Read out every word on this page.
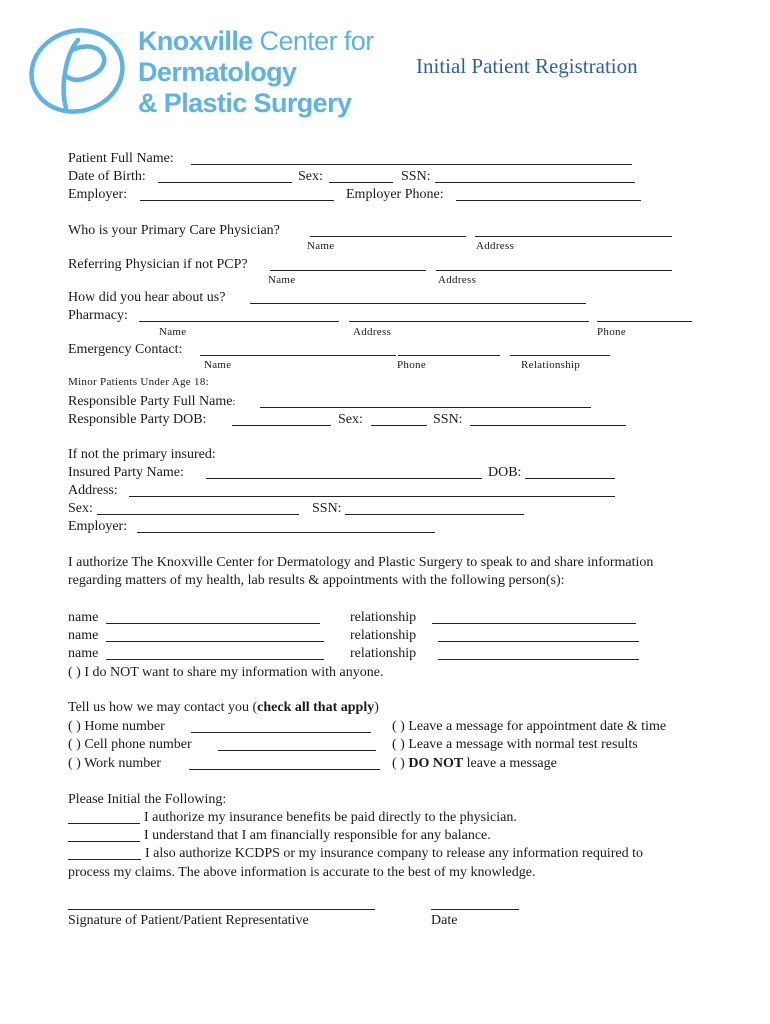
Knoxville Center for
Dermatology
& Plastic Surgery
Initial Patient Registration
Patient Full Name:
Date of Birth:	Sex:	SSN:
Employer:	Employer Phone:
Who is your Primary Care Physician?
Name	Address
Referring Physician if not PCP?
Name	Address
How did you hear about us?
Pharmacy:
Name	Address	Phone
Emergency Contact:
Name	Phone	Relationship
Minor Patients Under Age 18:
Responsible Party Full Name:
Responsible Party DOB:	Sex:	SSN:
If not the primary insured:
Insured Party Name:	DOB:
Address:
Sex:	SSN:
Employer:
I authorize The Knoxville Center for Dermatology and Plastic Surgery to speak to and share information regarding matters of my health, lab results & appointments with the following person(s):
name	relationship
name	relationship
name	relationship
( ) I do NOT want to share my information with anyone.
Tell us how we may contact you (check all that apply)
( ) Home number
( ) Cell phone number
( ) Work number
( ) Leave a message for appointment date & time
( ) Leave a message with normal test results
( ) DO NOT leave a message
Please Initial the Following:
I authorize my insurance benefits be paid directly to the physician.
I understand that I am financially responsible for any balance.
I also authorize KCDPS or my insurance company to release any information required to
process my claims. The above information is accurate to the best of my knowledge.
Signature of Patient/Patient Representative	Date
